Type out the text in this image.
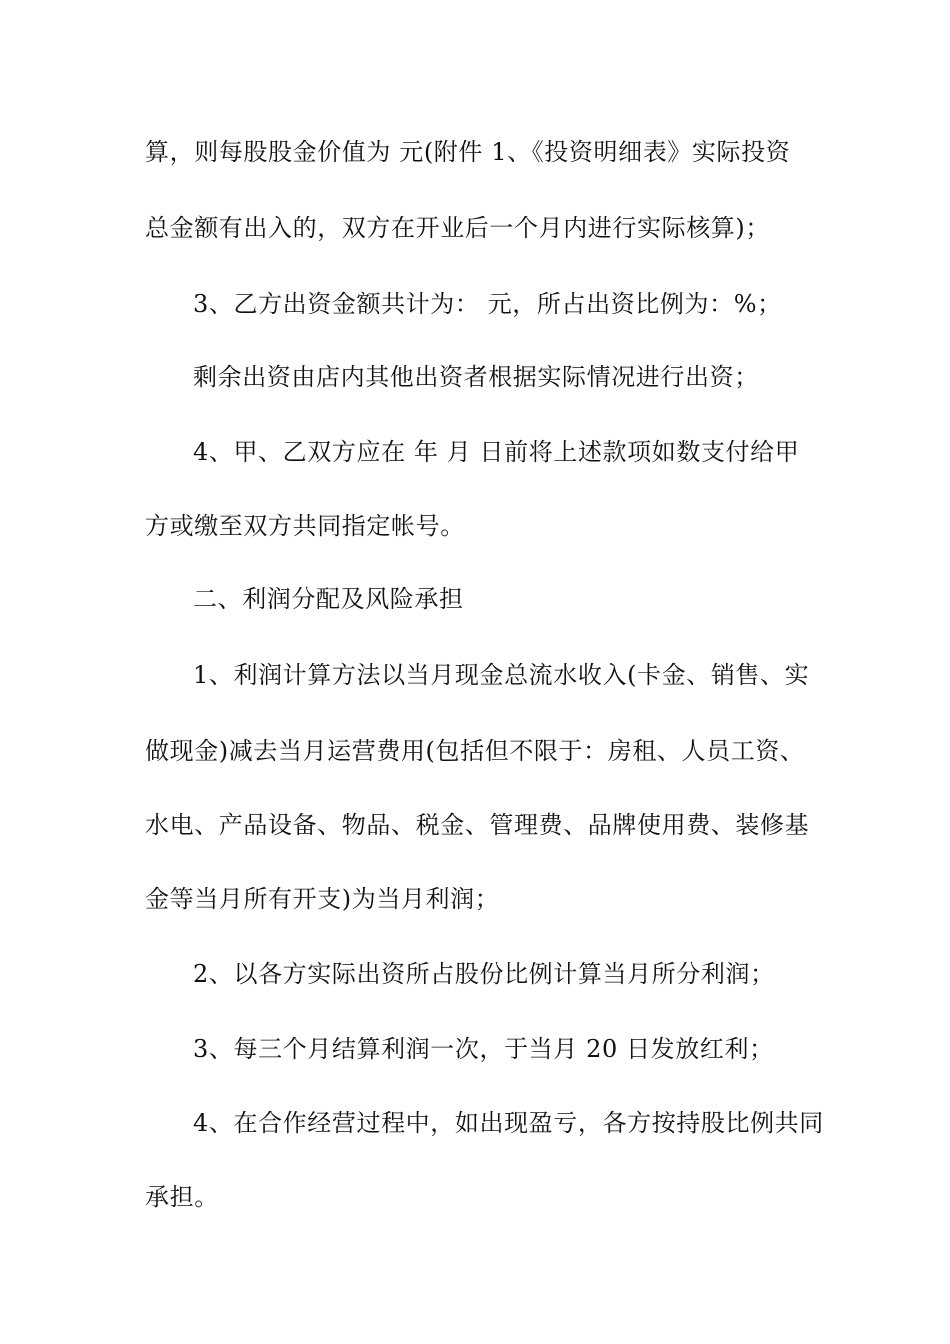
算，则每股股金价值为 元(附件 1、《投资明细表》实际投资
总金额有出入的，双方在开业后一个月内进行实际核算)；
3、乙方出资金额共计为： 元，所占出资比例为：%；
剩余出资由店内其他出资者根据实际情况进行出资；
4、甲、乙双方应在 年 月 日前将上述款项如数支付给甲
方或缴至双方共同指定帐号。
二、利润分配及风险承担
1、利润计算方法以当月现金总流水收入(卡金、销售、实
做现金)减去当月运营费用(包括但不限于：房租、人员工资、
水电、产品设备、物品、税金、管理费、品牌使用费、装修基
金等当月所有开支)为当月利润；
2、以各方实际出资所占股份比例计算当月所分利润；
3、每三个月结算利润一次，于当月 20 日发放红利；
4、在合作经营过程中，如出现盈亏，各方按持股比例共同
承担。
